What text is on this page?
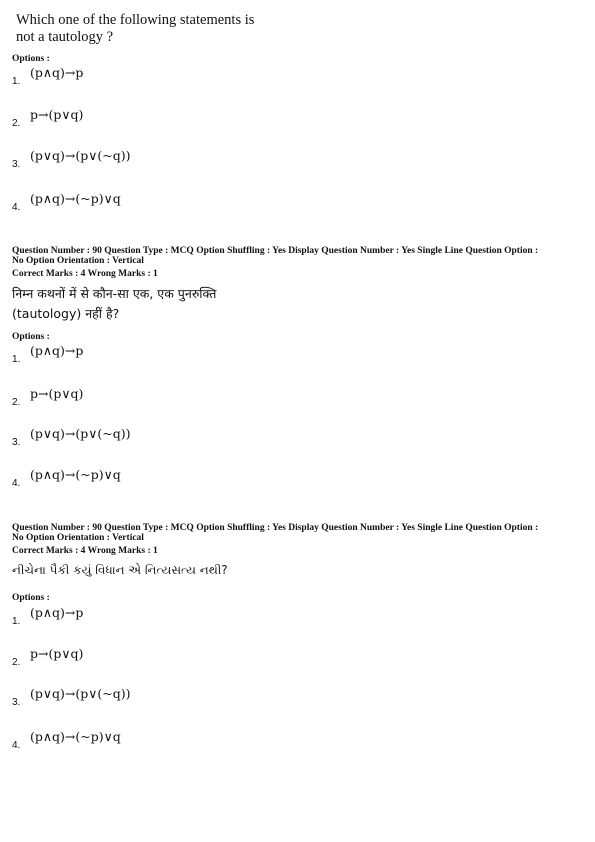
Which one of the following statements is
not a tautology ?
Options :
1.
(p∧q)→p
2.
p→(p∨q)
3.
(p∨q)→(p∨(~q))
4.
(p∧q)→(~p)∨q
Question Number : 90 Question Type : MCQ Option Shuffling : Yes Display Question Number : Yes Single Line Question Option :
No Option Orientation : Vertical
Correct Marks : 4 Wrong Marks : 1
निम्न कथनों में से कौन-सा एक, एक पुनरुक्ति
(tautology) नहीं है?
Options :
1.
(p∧q)→p
2.
p→(p∨q)
3.
(p∨q)→(p∨(~q))
4.
(p∧q)→(~p)∨q
Question Number : 90 Question Type : MCQ Option Shuffling : Yes Display Question Number : Yes Single Line Question Option :
No Option Orientation : Vertical
Correct Marks : 4 Wrong Marks : 1
નીચેના પૈકી કયું વિધાન એ નિત્યસત્ય નથી?
Options :
1.
(p∧q)→p
2.
p→(p∨q)
3.
(p∨q)→(p∨(~q))
4.
(p∧q)→(~p)∨q
